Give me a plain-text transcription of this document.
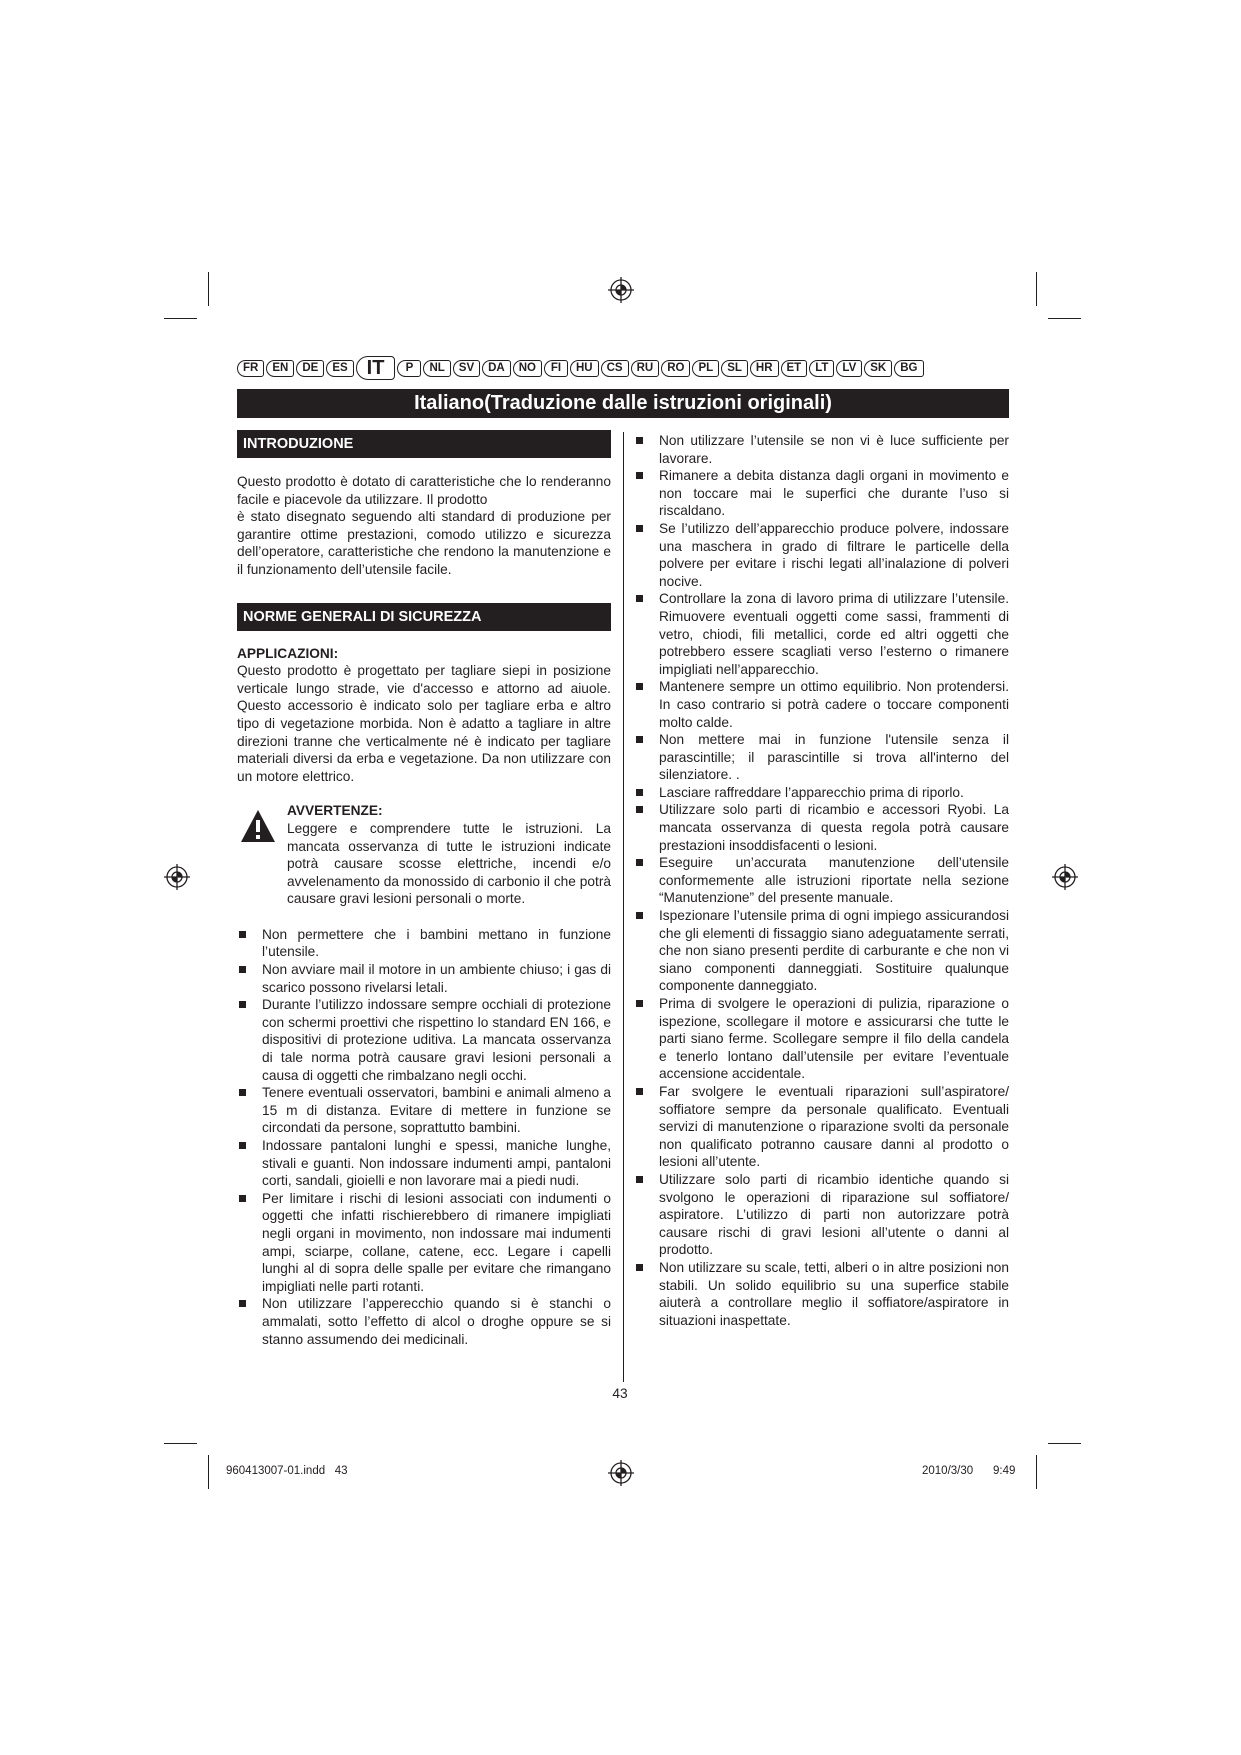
FR	EN	DE	ES IT	P	NL	SV	DA	NO	FI	HU	CS	RU	RO	PL	SL	HR	ET	LT	LV	SK	BG
Italiano(Traduzione dalle istruzioni originali)
INTRODUZIONE
Questo prodotto è dotato di caratteristiche che lo renderanno facile e piacevole da utilizzare. Il prodotto
è stato disegnato seguendo alti standard di produzione per garantire ottime prestazioni, comodo utilizzo e sicurezza dell’operatore, caratteristiche che rendono la manutenzione e il funzionamento dell’utensile facile.
NORME GENERALI DI SICUREZZA
APPLICAZIONI:
Questo prodotto è progettato per tagliare siepi in posizione verticale lungo strade, vie d'accesso e attorno ad aiuole. Questo accessorio è indicato solo per tagliare erba e altro tipo di vegetazione morbida. Non è adatto a tagliare in altre direzioni tranne che verticalmente né è indicato per tagliare materiali diversi da erba e vegetazione. Da non utilizzare con un motore elettrico.
AVVERTENZE:
Leggere e comprendere tutte le istruzioni. La mancata osservanza di tutte le istruzioni indicate potrà causare scosse elettriche, incendi e/o avvelenamento da monossido di carbonio il che potrà causare gravi lesioni personali o morte.
Non permettere che i bambini mettano in funzione l’utensile.
Non avviare mail il motore in un ambiente chiuso; i gas di scarico possono rivelarsi letali.
Durante l’utilizzo indossare sempre occhiali di protezione con schermi proettivi che rispettino lo standard EN 166, e dispositivi di protezione uditiva. La mancata osservanza di tale norma potrà causare gravi lesioni personali a causa di oggetti che rimbalzano negli occhi.
Tenere eventuali osservatori, bambini e animali almeno a 15 m di distanza. Evitare di mettere in funzione se circondati da persone, soprattutto bambini.
Indossare pantaloni lunghi e spessi, maniche lunghe, stivali e guanti. Non indossare indumenti ampi, pantaloni corti, sandali, gioielli e non lavorare mai a piedi nudi.
Per limitare i rischi di lesioni associati con indumenti o oggetti che infatti rischierebbero di rimanere impigliati negli organi in movimento, non indossare mai indumenti ampi, sciarpe, collane, catene, ecc. Legare i capelli lunghi al di sopra delle spalle per evitare che rimangano impigliati nelle parti rotanti.
Non utilizzare l’apperecchio quando si è stanchi o ammalati, sotto l’effetto di alcol o droghe oppure se si stanno assumendo dei medicinali.
Non utilizzare l’utensile se non vi è luce sufficiente per lavorare.
Rimanere a debita distanza dagli organi in movimento e non toccare mai le superfici che durante l’uso si riscaldano.
Se l’utilizzo dell’apparecchio produce polvere, indossare una maschera in grado di filtrare le particelle della polvere per evitare i rischi legati all’inalazione di polveri nocive.
Controllare la zona di lavoro prima di utilizzare l’utensile. Rimuovere eventuali oggetti come sassi, frammenti di vetro, chiodi, fili metallici, corde ed altri oggetti che potrebbero essere scagliati verso l’esterno o rimanere impigliati nell’apparecchio.
Mantenere sempre un ottimo equilibrio. Non protendersi. In caso contrario si potrà cadere o toccare componenti molto calde.
Non mettere mai in funzione l'utensile senza il parascintille; il parascintille si trova all'interno del silenziatore. .
Lasciare raffreddare l’apparecchio prima di riporlo.
Utilizzare solo parti di ricambio e accessori Ryobi. La mancata osservanza di questa regola potrà causare prestazioni insoddisfacenti o lesioni.
Eseguire un’accurata manutenzione dell’utensile conformemente alle istruzioni riportate nella sezione “Manutenzione” del presente manuale.
Ispezionare l’utensile prima di ogni impiego assicurandosi che gli elementi di fissaggio siano adeguatamente serrati, che non siano presenti perdite di carburante e che non vi siano componenti danneggiati. Sostituire qualunque componente danneggiato.
Prima di svolgere le operazioni di pulizia, riparazione o ispezione, scollegare il motore e assicurarsi che tutte le parti siano ferme. Scollegare sempre il filo della candela e tenerlo lontano dall’utensile per evitare l’eventuale accensione accidentale.
Far svolgere le eventuali riparazioni sull’aspiratore/ soffiatore sempre da personale qualificato. Eventuali servizi di manutenzione o riparazione svolti da personale non qualificato potranno causare danni al prodotto o lesioni all’utente.
Utilizzare solo parti di ricambio identiche quando si svolgono le operazioni di riparazione sul soffiatore/ aspiratore. L’utilizzo di parti non autorizzare potrà causare rischi di gravi lesioni all’utente o danni al prodotto.
Non utilizzare su scale, tetti, alberi o in altre posizioni non stabili. Un solido equilibrio su una superfice stabile aiuterà a controllare meglio il soffiatore/aspiratore in situazioni inaspettate.
43
960413007-01.indd   43	2010/3/30 9:49
